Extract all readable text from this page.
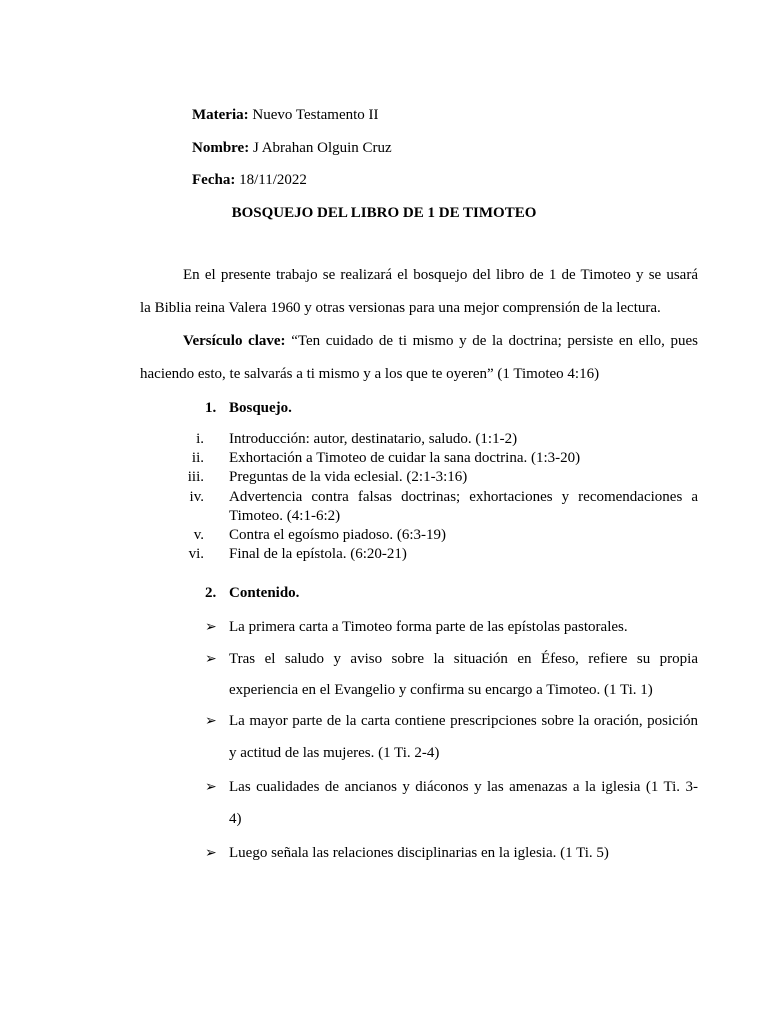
Materia: Nuevo Testamento II
Nombre: J Abrahan Olguin Cruz
Fecha: 18/11/2022
BOSQUEJO DEL LIBRO DE 1 DE TIMOTEO
En el presente trabajo se realizará el bosquejo del libro de 1 de Timoteo y se usará
la Biblia reina Valera 1960 y otras versionas para una mejor comprensión de la lectura.
Versículo clave: “Ten cuidado de ti mismo y de la doctrina; persiste en ello, pues
haciendo esto, te salvarás a ti mismo y a los que te oyeren” (1 Timoteo 4:16)
1. Bosquejo.
i. Introducción: autor, destinatario, saludo. (1:1-2)
ii. Exhortación a Timoteo de cuidar la sana doctrina. (1:3-20)
iii. Preguntas de la vida eclesial. (2:1-3:16)
iv. Advertencia contra falsas doctrinas; exhortaciones y recomendaciones a
Timoteo. (4:1-6:2)
v. Contra el egoísmo piadoso. (6:3-19)
vi. Final de la epístola. (6:20-21)
2. Contenido.
➢ La primera carta a Timoteo forma parte de las epístolas pastorales.
➢ Tras el saludo y aviso sobre la situación en Éfeso, refiere su propia
experiencia en el Evangelio y confirma su encargo a Timoteo. (1 Ti. 1)
➢ La mayor parte de la carta contiene prescripciones sobre la oración, posición
y actitud de las mujeres. (1 Ti. 2-4)
➢ Las cualidades de ancianos y diáconos y las amenazas a la iglesia (1 Ti. 3-
4)
➢ Luego señala las relaciones disciplinarias en la iglesia. (1 Ti. 5)
